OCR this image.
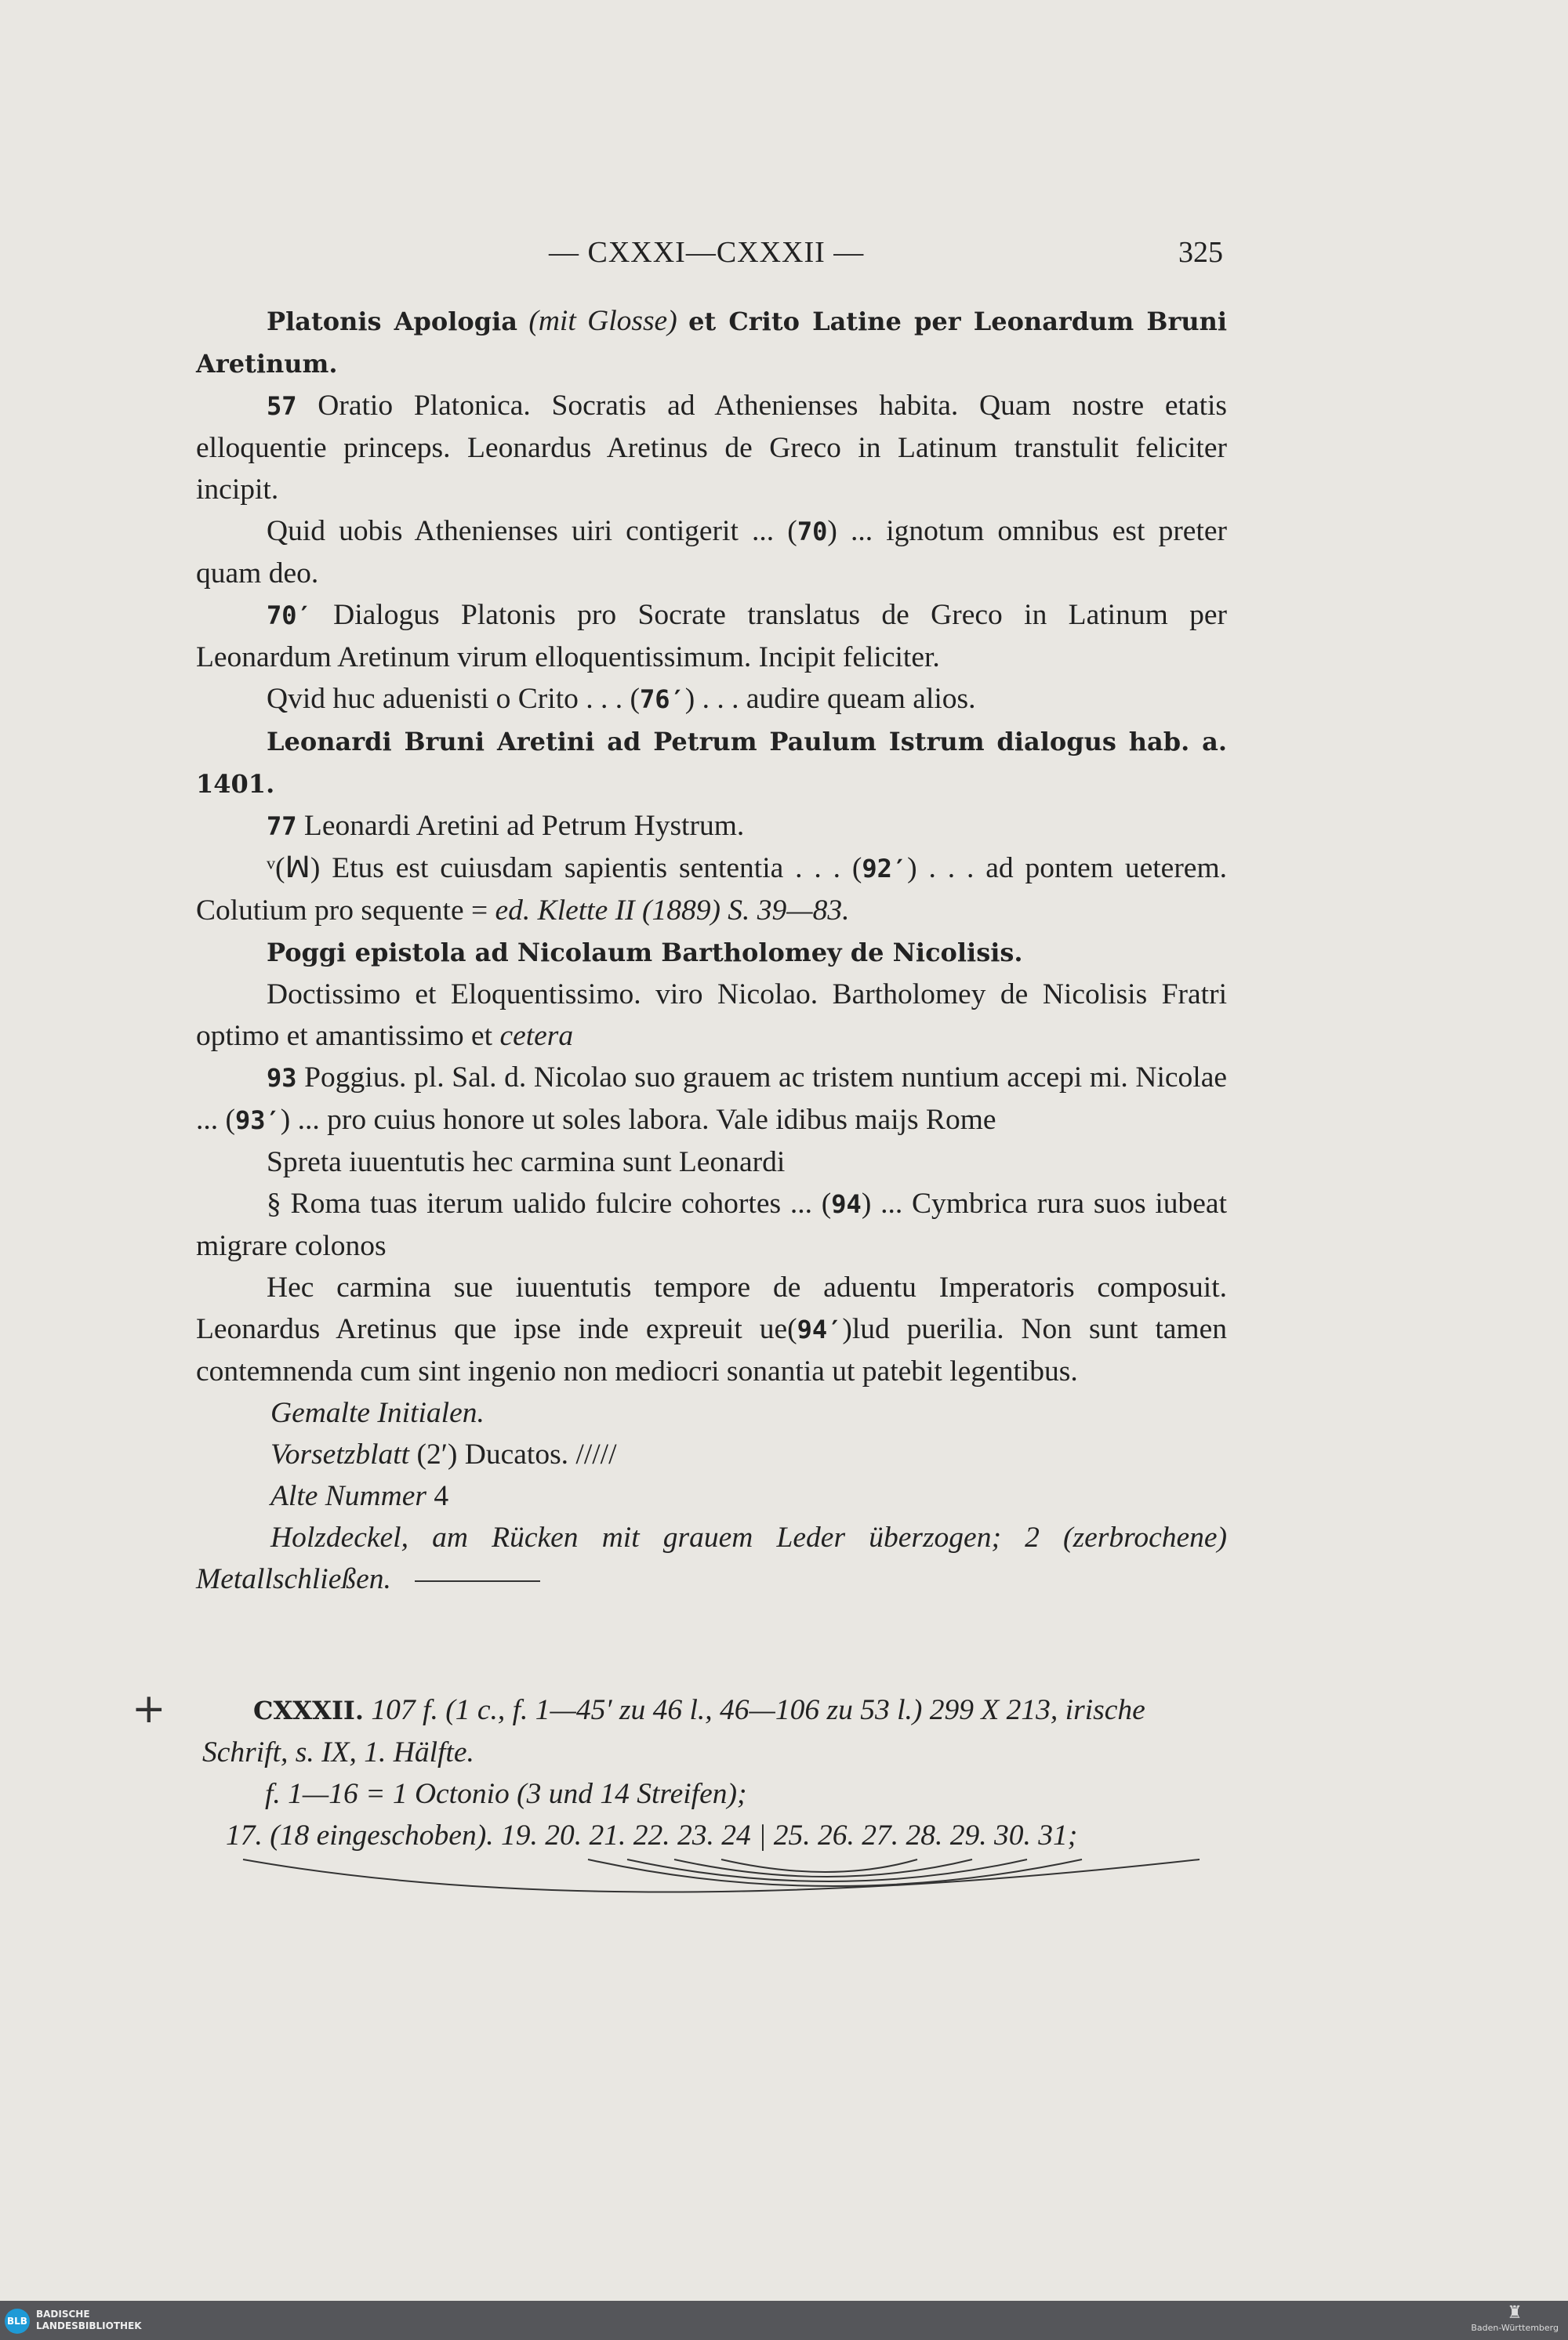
— CXXXI—CXXXII —	325

Platonis Apologia (mit Glosse) et Crito Latine per Leonardum Bruni Aretinum.

57 Oratio Platonica. Socratis ad Athenienses habita. Quam nostre etatis elloquentie princeps. Leonardus Aretinus de Greco in Latinum transtulit feliciter incipit.

Quid uobis Athenienses uiri contigerit ... (70) ... ignotum omnibus est preter quam deo.

70′ Dialogus Platonis pro Socrate translatus de Greco in Latinum per Leonardum Aretinum virum elloquentissimum. Incipit feliciter.

Qvid huc aduenisti o Crito . . . (76′) . . . audire queam alios.

Leonardi Bruni Aretini ad Petrum Paulum Istrum dialogus hab. a. 1401.

77 Leonardi Aretini ad Petrum Hystrum.

ᵛ(ꟽ) Etus est cuiusdam sapientis sententia . . . (92′) . . . ad pontem ueterem. Colutium pro sequente = ed. Klette II (1889) S. 39—83.

Poggi epistola ad Nicolaum Bartholomey de Nicolisis.

Doctissimo et Eloquentissimo. viro Nicolao. Bartholomey de Nicolisis Fratri optimo et amantissimo et cetera

93 Poggius. pl. Sal. d. Nicolao suo grauem ac tristem nuntium accepi mi. Nicolae ... (93′) ... pro cuius honore ut soles labora. Vale idibus maijs Rome

Spreta iuuentutis hec carmina sunt Leonardi

§ Roma tuas iterum ualido fulcire cohortes ... (94) ... Cymbrica rura suos iubeat migrare colonos

Hec carmina sue iuuentutis tempore de aduentu Imperatoris composuit. Leonardus Aretinus que ipse inde expreuit ue(94′)lud puerilia. Non sunt tamen contemnenda cum sint ingenio non mediocri sonantia ut patebit legentibus.

Gemalte Initialen.

Vorsetzblatt (2′) Ducatos. /////

Alte Nummer 4

Holzdeckel, am Rücken mit grauem Leder überzogen; 2 (zerbrochene) Metallschließen.

+	CXXXII. 107 f. (1 c., f. 1—45′ zu 46 l., 46—106 zu 53 l.) 299 X 213, irische Schrift, s. IX, 1. Hälfte.

f. 1—16 = 1 Octonio (3 und 14 Streifen);

17. (18 eingeschoben). 19. 20. 21. 22. 23. 24 | 25. 26. 27. 28. 29. 30. 31;

BLB
BADISCHE
LANDESBIBLIOTHEK
♜
Baden-Württemberg
